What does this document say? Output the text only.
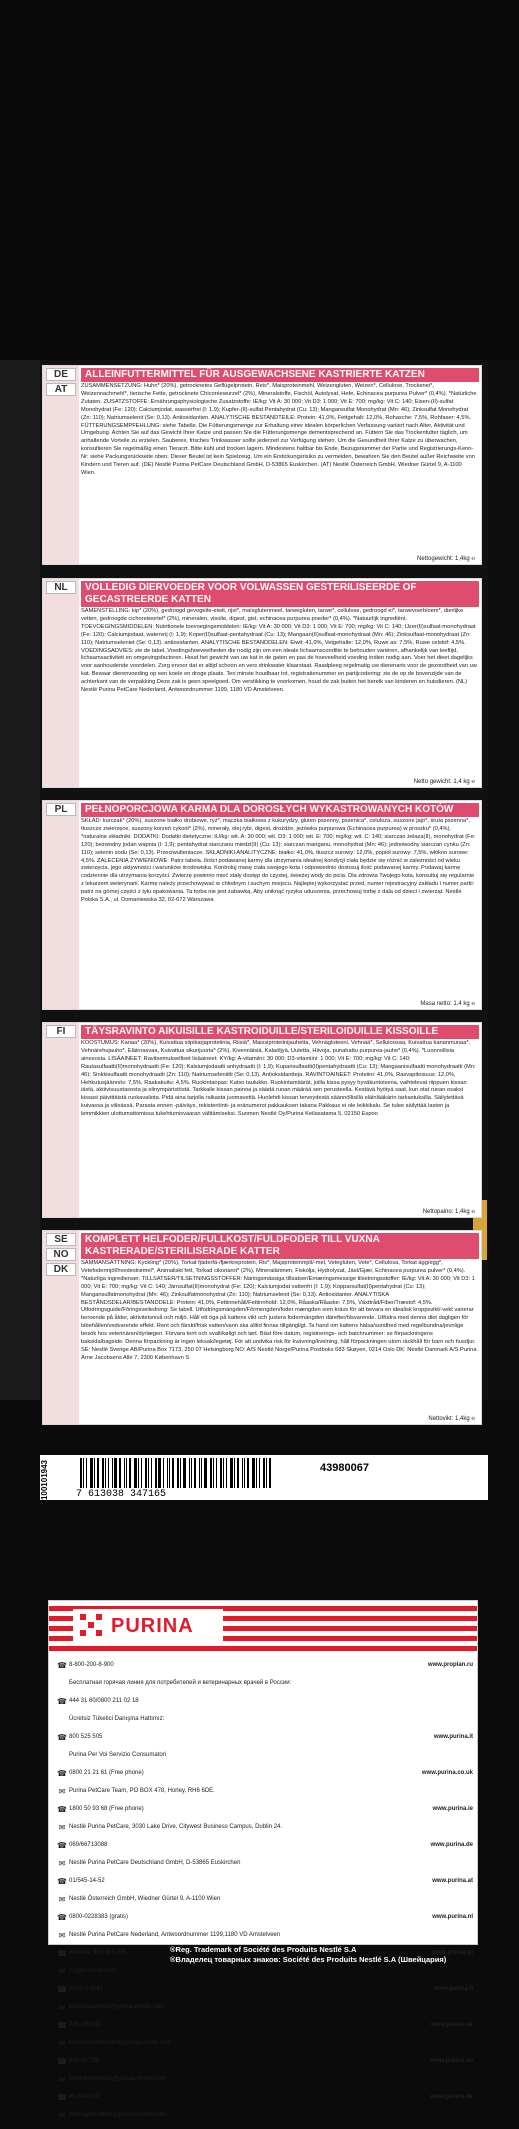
DE
AT
ALLEINFUTTERMITTEL FÜR AUSGEWACHSENE KASTRIERTE KATZEN
ZUSAMMENSETZUNG: Huhn* (20%), getrocknetes Geflügelprotein, Reis*, Maisproteinmehl, Weizengluten, Weizen*, Cellulose, Trockenei*, Weizennachmehl*, tierische Fette, getrocknete Chicoréewurzel* (2%), Mineralstoffe, Fischöl, Autolysat, Hefe, Echinacea purpurea Pulver* (0,4%). *Natürliche Zutaten. ZUSATZSTOFFE: Ernährungsphysiologische Zusatzstoffe: IE/kg: Vit A: 30 000; Vit D3: 1 000; Vit E: 700; mg/kg: Vit C: 140; Eisen-(II)-sulfat Monohydrat (Fe: 120); Calciumjodat, wasserfrei (I: 1,9); Kupfer-(II)-sulfat Pentahydrat (Cu: 13); Mangansulfat Monohydrat (Mn: 46); Zinksulfat Monohydrat (Zn: 110); Natriumselenit (Se: 0,13). Antioxidantien. ANALYTISCHE BESTANDTEILE: Protein: 41,0%, Fettgehalt: 12,0%, Rohasche: 7,5%, Rohfaser: 4,5%. FÜTTERUNGSEMPFEHLUNG: siehe Tabelle. Die Fütterungsmenge zur Erhaltung einer idealen körperlichen Verfassung variiert nach Alter, Aktivität und Umgebung. Achten Sie auf das Gewicht Ihrer Katze und passen Sie die Fütterungsmenge dementsprechend an. Füttern Sie das Trockenfutter täglich, um anhaltende Vorteile zu erzielen. Sauberes, frisches Trinkwasser sollte jederzeit zur Verfügung stehen. Um die Gesundheit Ihrer Katze zu überwachen, konsultieren Sie regelmäßig einen Tierarzt. Bitte kühl und trocken lagern. Mindestens haltbar bis Ende, Bezugsnummer der Partie und Registrierungs-Kenn-Nr: siehe Packungsrückseite oben. Dieser Beutel ist kein Spielzeug. Um ein Erstickungsrisiko zu vermeiden, bewahren Sie den Beutel außer Reichweite von Kindern und Tieren auf. (DE) Nestlé Purina PetCare Deutschland GmbH, D-53865 Euskirchen. (AT) Nestlé Österreich GmbH, Wiedner Gürtel 9, A-1100 Wien.
Nettogewicht: 1,4kg ℮
NL	VOLLEDIG DIERVOEDER VOOR VOLWASSEN GESTERILISEERDE OF GECASTREERDE KATTEN
SAMENSTELLING: kip* (20%), gedroogd gevogelte-eiwit, rijst*, maïsglutenmeel, tarwegluten, tarwe*, cellulose, gedroogd ei*, tarwevoerbloem*, dierlijke vetten, gedroogde cichoreiwortel* (2%), mineralen, visolie, digest, gist, echinacea purpurea poeder* (0,4%). *Natuurlijk ingrediënt. TOEVOEGINGSMIDDELEN: Nutritionele toevoegingsmiddelen: IE/kg: Vit A: 30 000; Vit D3: 1 000; Vit E: 700; mg/kg: Vit C: 140; IJzer(II)sulfaat-monohydraat (Fe: 120); Calciumjodaat, watervrij (I: 1,9); Koper(II)sulfaat-pentahydraat (Cu: 13); Mangaan(II)sulfaat-monohydraat (Mn: 46); Zinksulfaat-monohydraat (Zn: 110); Natriumseleniet (Se: 0,13). antioxidanten. ANALYTISCHE BESTANDDELEN: Eiwit: 41,0%, Vetgehalte: 12,0%, Ruwe as: 7,5%, Ruwe celstof: 4,5%. VOEDINGSADVIES: zie de tabel. Voedingshoeveelheden die nodig zijn om een ideale lichaamsconditie te behouden variëren, afhankelijk van leeftijd, lichaamsactiviteit en omgevingsfactoren. Houd het gewicht van uw kat in de gaten en pas de hoeveelheid voeding indien nodig aan. Voer het dieet dagelijks voor aanhoudende voordelen. Zorg ervoor dat er altijd schoon en vers drinkwater klaarstaat. Raadpleeg regelmatig uw dierenarts voor de gezondheid van uw kat. Bewaar dierenvoeding op een koele en droge plaats. Ten minste houdbaar tot, registratienummer en partijcodering: zie de op de bovenzijde van de achterkant van de verpakking Deze zak is geen speelgoed. Om verstikking te voorkomen, houd de zak buiten het bereik van kinderen en huisdieren. (NL) Nestlé Purina PetCare Nederland, Antwoordnummer 1199, 1180 VD Amstelveen.
Netto gewicht: 1,4 kg ℮
PL	PEŁNOPORCJOWA KARMA DLA DOROSŁYCH WYKASTROWANYCH KOTÓW
SKŁAD: kurczak* (20%), suszone białko drobiowe, ryż*, mączka białkowa z kukurydzy, gluten pszenny, pszenica*, celuloza, suszone jajo*, śruta pszenna*, tłuszcze zwierzęce, suszony korzeń cykorii* (2%), minerały, olej rybi, digest, drożdże, jeżówka purpurowa (Echinacea purpurea) w proszku* (0,4%). *naturalne składniki. DODATKI: Dodatki dietetyczne: IU/kg: wit. A: 30 000; wit. D3: 1 000; wit. E: 700; mg/kg: wit. C: 140; siarczan żelaza(II), monohydrat (Fe: 120); bezwodny jodan wapnia (I: 1,9); pentahydrat siarczanu miedzi(II) (Cu: 13); siarczan manganu, monohydrat (Mn: 46); jednowodny siarczan cynku (Zn: 110); selenin sodu (Se: 0,13). Przeciwutleniacze. SKŁADNIKI ANALITYCZNE: białko: 41,0%, tłuszcz surowy: 12,0%, popiół surowy: 7,5%, włókno surowe: 4,5%. ZALECENIA ŻYWIENIOWE: Patrz tabela. Ilości podawanej karmy dla utrzymania idealnej kondycji ciała będzie się różnić w zależności od wieku zwierzęcia, jego aktywności i warunków środowiska. Kontroluj masę ciała swojego kota i odpowiednio dostosuj ilość podawanej karmy. Podawaj karmę codziennie dla utrzymania korzyści. Zwierzę powinno mieć stały dostęp do czystej, świeżej wody do picia. Dla zdrowia Twojego kota, konsultuj się regularnie z lekarzem weterynarii. Karmę należy przechowywać w chłodnym i suchym miejscu. Najlepiej wykorzystać przed, numer rejestracyjny zakładu i numer partii: patrz na górnej części z tyłu opakowania. Ta torba nie jest zabawką. Aby uniknąć ryzyka uduszenia, przechowuj torbę z dala od dzieci i zwierząt. Nestlé Polska S.A., ul. Domaniewska 32, 02-672 Warszawa
Masa netto: 1,4 kg ℮
FI	TÄYSRAVINTO AIKUISILLE KASTROIDUILLE/STERILOIDUILLE KISSOILLE
KOOSTUMUS: Kanaa* (20%), Kuivattua siipikarjaproteiinia, Riisiä*, Maissiproteiinijauhetta, Vehnägluteeni, Vehnää*, Selluloosaa, Kuivattua kananmunaa*, Vehnärehujauho*, Eläinrasvaa, Kuivattua sikurijuurta* (2%), Kivennäisiä, Kalaöljyä, Uutetta, Hiivoja, punahattu purpurea-jauhe* (0,4%). *Luonnollisia ainesosia. LISÄAINEET: Ravitsemukselliset lisäaineet: KY/kg: A-vitamiini: 30 000; D3-vitamiini: 1 000; Vit E: 700; mg/kg: Vit C: 140; Rautasulfaatti(II)monohydraatti (Fe: 120); Kalsiumjodaatti anhydraatti (I: 1,9); Kuparisulfaatti(II)pentahydraatti (Cu: 13); Mangaanisulfaatti monohydraatti (Mn: 46); Sinkkisulfaatti monohydraatti (Zn: 110); Natriumseleniitti (Se: 0,13). Antioksidantteja. RAVINTOAINEET: Proteiini: 41,0%, Rasvapitoisuus: 12,0%, Hehkutusjäännös: 7,5%, Raakakuitu: 4,5%. Ruokintaopas: Katso taulukko. Ruokintamäärät, joilla kissa pysyy hyväkuntoisena, vaihtelevat riippuen kissan iästä, aktiivisuustasosta ja elinympäristöstä. Tarkkaile kissan painoa ja säädä ruoan määrää sen perusteella. Kestävä hyötyä saat, kun otat ruoan osaksi kissasi päivittäistä ruokavaliota. Pidä aina tarjolla raikasta juomavettä. Huolehdi kissan terveydestä säännöllisillä eläinlääkärin tarkastuksilla. Säilytettävä kuivassa ja viileässä. Parasta ennen -päiväys, rekisteröinti- ja eränumerot pakkauksen takana Pakkaus ei ole leikkikalu. Se tulee säilyttää lasten ja lemmikkien ulottumattomissa tukehtumisvaaran välttämiseksi. Suomen Nestlé Oy/Purina Keilasatama 5, 02150 Espoo
Nettopaino: 1,4kg ℮
SE
NO
DK
KOMPLETT HELFODER/FULLKOST/FULDFODER TILL VUXNA KASTRERADE/STERILISERADE KATTER
SAMMANSÄTTNING: Kyckling* (20%), Torkat fjäderfä-/fjærkreprotein, Ris*, Majsproteinmjöl/-mel, Vetegluten, Vete*, Cellulosa, Torkat ägg/egg*, Vetefodermjöl/hvedestrømel*, Animaliskt fett, Torkad cikoriarot* (2%), Mineralämnen, Fiskolja, Hydrolysat, Jäst/Gjær, Echinacea purpurea pulver* (0,4%). *Naturliga ingredienser. TILLSATSER/TILSETNINGSSTOFFER: Näringsmässiga tillsatser/Ernæringsmessige tilsetningsstoffer: IE/kg: Vit A: 30 000; Vit D3: 1 000; Vit E: 700; mg/kg: Vit C: 140; Järnsulfat(II)monohydrat (Fe: 120); Kalciumjodat vattenfri (I: 1,9); Kopparsulfat(II)pentahydrat (Cu: 13); Mangansulfatmonohydrat (Mn: 46); Zinksulfatmonohydrat (Zn: 110); Natriumselenit (Se: 0,13). Antioxidanter. ANALYTISKA BESTÅNDSDELAR/BESTANDDELE: Protein: 41,0%, Fettinnehåll/Fettinnhold: 12,0%, Råaska/Råaske: 7,5%, Växttråd/Fiber/Træstof: 4,5%. Utfodringsguide/Fôringsveiledning: Se tabell. Utfodringsmängden/Fôrmengden/foder mængden som krävs för att bevara en idealisk kroppsvikt/-vekt varierar beroende på ålder, aktivitetsnivå och miljö. Håll ett öga på kattens vikt och justera fodermängden därefter/tilsvarende. Utfodra med denna diet dagligen för bibehållen/vedvarende effekt. Rent och färskt/frisk vatten/vann ska alltid finnas tillgängligt. Ta hand om kattens hälsa/sundhed med regelbundna/jevnlige besök hos veterinären/dyrlægen. Förvara torrt och svalt/køligt och tørt. Bäst före datum, registrerings- och batchnummer: se förpackningens baksida/bagside. Denna förpackning är ingen leksak/legetøj. För att undvika risk för kvävning/kvelning, håll förpackningen utom räckhåll för barn och husdjur. SE: Nestlé Sverige AB/Purina Box 7173, 250 07 Helsingborg NO: A/S Nestlé Norge/Purina Postboks 683 Skøyen, 0214 Oslo DK: Nestlé Danmark A/S Purina Arne Jacobsens Allé 7, 2300 København S
Nettovikt: 1,4kg ℮
100101943	7 613038 347165
43980067
PURINA
☎ 8-800-200-8-900	www.proplan.ru
Бесплатная горячая линия для потребителей и ветеринарных врачей в России:
☎ 444 31 60/0800 211 02 18
Ücretsiz Tüketici Danışma Hattımız:
☎ 800 525 505	www.purina.it
Purina Per Voi Servizio Consumatori
☎ 0800 21 21 61 (Free phone)	www.purina.co.uk
✉ Purina PetCare Team, PO BOX 478, Horley, RH6 6DE.
☎ 1800 50 93 68 (Free phone)	www.purina.ie
✉ Nestlé Purina PetCare, 3030 Lake Drive, Citywest Business Campus, Dublin 24.
☎ 069/66713088	www.purina.de
✉ Nestlé Purina PetCare Deutschland GmbH, D-53865 Euskirchen
☎ 01/545-14-52	www.purina.at
✉ Nestlé Österreich GmbH, Wiedner Gürtel 9, A-1100 Wien
☎ 0800-0228383 (gratis)	www.purina.nl
✉ Nestlé Purina PetCare Nederland, Antwoordnummer 1199,1180 VD Amstelveen
☎ Infolinia: 801 315 005	www.purina.pl
✉ cc@pl.nestle.com
☎ 0800-0-6161	www.purina.fi
✉ kuluttajapalvelu@purina.nestle.com
☎ 020-299300	www.purina.se
✉ konsumentkontakt@purina.nestle.com
☎ 800 80 730	www.purina.no
✉ forbrukerkontakt@purina.nestle.com
☎ 80 300 100	www.purina.dk
✉ forbrugerkontakt@purina.nestle.com
®Reg. Trademark of Société des Produits Nestlé S.A
®Владелец товарных знаков: Société des Produits Nestlé S.A (Швейцария)
